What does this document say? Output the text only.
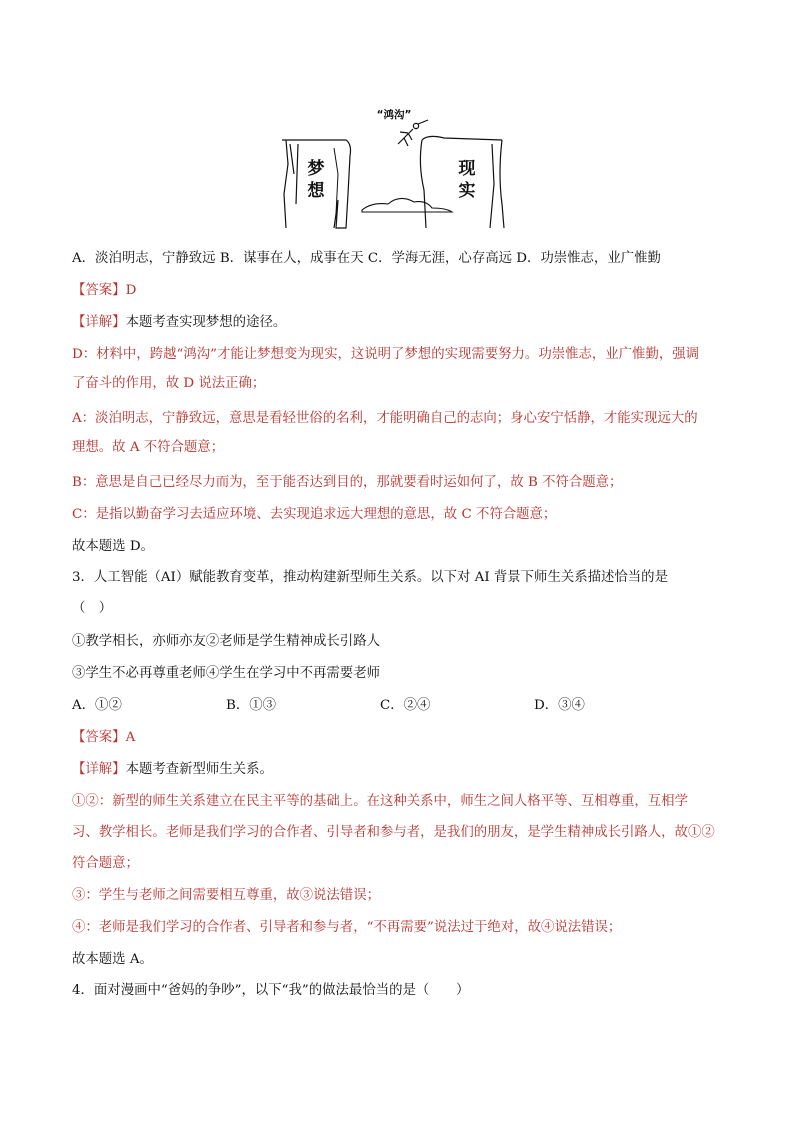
“鸿沟”
梦
想
现
实
A．淡泊明志，宁静致远 B．谋事在人，成事在天 C．学海无涯，心存高远 D．功崇惟志，业广惟勤
【答案】D
【详解】本题考查实现梦想的途径。
D：材料中，跨越“鸿沟”才能让梦想变为现实，这说明了梦想的实现需要努力。功崇惟志，业广惟勤，强调
了奋斗的作用，故 D 说法正确；
A：淡泊明志，宁静致远，意思是看轻世俗的名利，才能明确自己的志向；身心安宁恬静，才能实现远大的
理想。故 A 不符合题意；
B：意思是自己已经尽力而为，至于能否达到目的，那就要看时运如何了，故 B 不符合题意；
C：是指以勤奋学习去适应环境、去实现追求远大理想的意思，故 C 不符合题意；
故本题选 D。
3．人工智能（AI）赋能教育变革，推动构建新型师生关系。以下对 AI 背景下师生关系描述恰当的是
（　）
①教学相长，亦师亦友②老师是学生精神成长引路人
③学生不必再尊重老师④学生在学习中不再需要老师
A．①②	B．①③	C．②④	D．③④
【答案】A
【详解】本题考查新型师生关系。
①②：新型的师生关系建立在民主平等的基础上。在这种关系中，师生之间人格平等、互相尊重，互相学
习、教学相长。老师是我们学习的合作者、引导者和参与者，是我们的朋友，是学生精神成长引路人，故①②
符合题意；
③：学生与老师之间需要相互尊重，故③说法错误；
④：老师是我们学习的合作者、引导者和参与者，“不再需要”说法过于绝对，故④说法错误；
故本题选 A。
4．面对漫画中“爸妈的争吵”，以下“我”的做法最恰当的是（　　）
